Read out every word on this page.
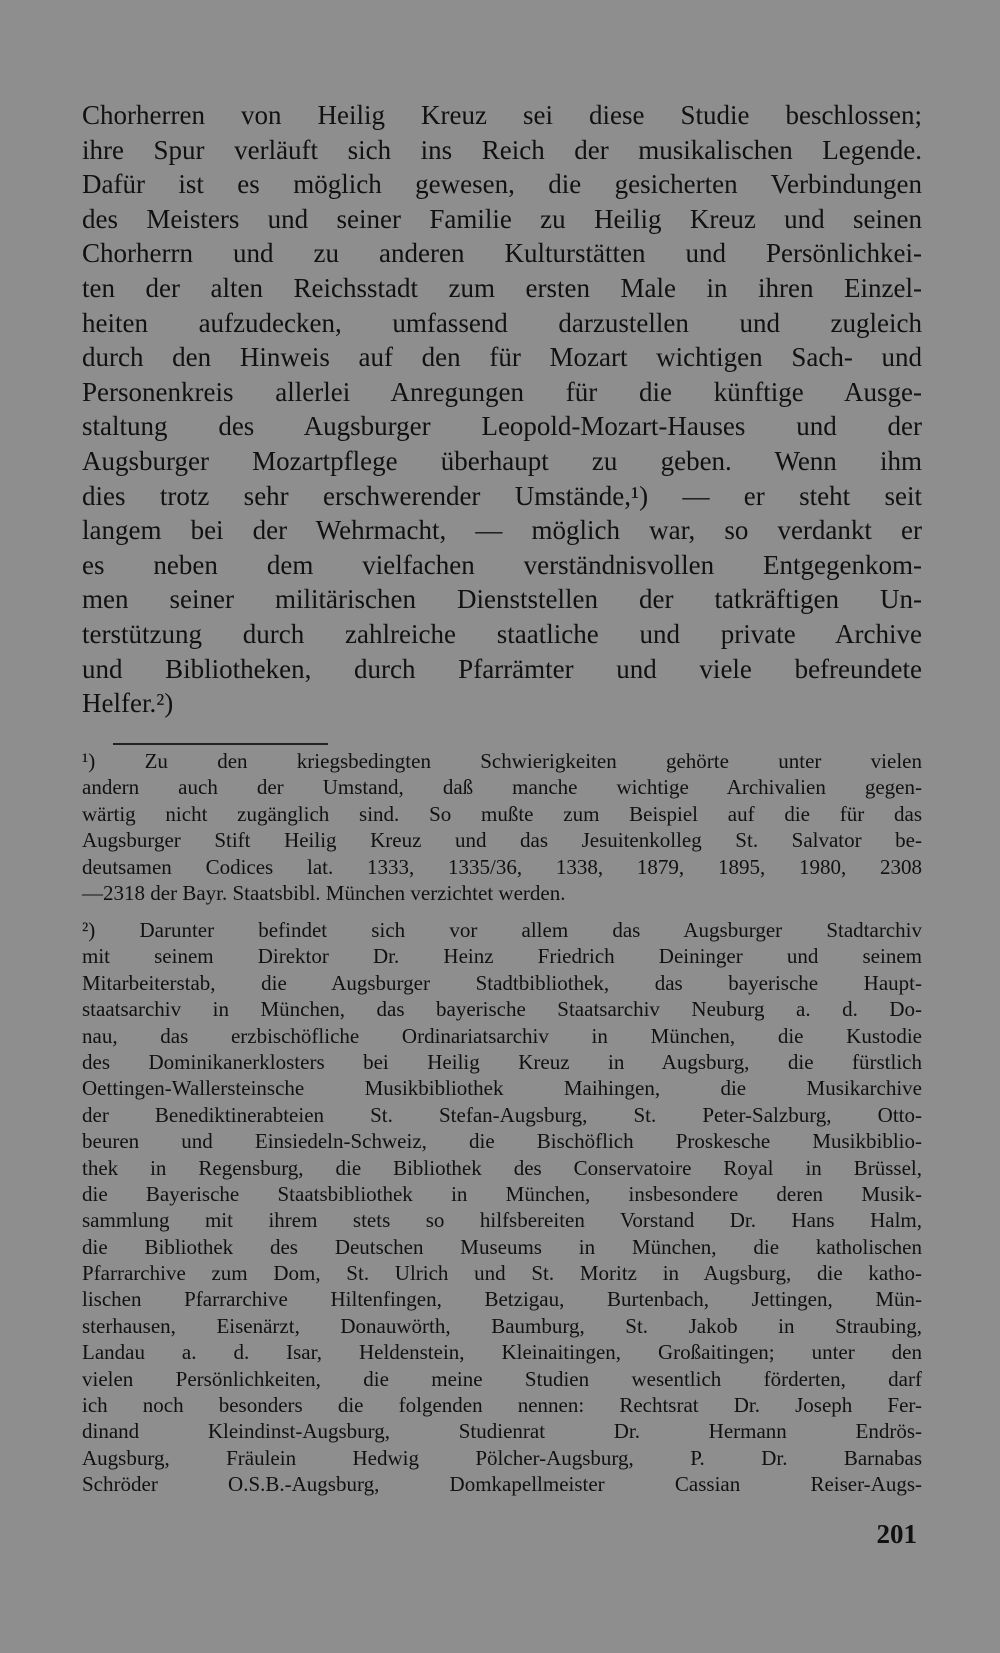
Chorherren von Heilig Kreuz sei diese Studie beschlossen;
ihre Spur verläuft sich ins Reich der musikalischen Legende.
Dafür ist es möglich gewesen, die gesicherten Verbindungen
des Meisters und seiner Familie zu Heilig Kreuz und seinen
Chorherrn und zu anderen Kulturstätten und Persönlichkei-
ten der alten Reichsstadt zum ersten Male in ihren Einzel-
heiten aufzudecken, umfassend darzustellen und zugleich
durch den Hinweis auf den für Mozart wichtigen Sach- und
Personenkreis allerlei Anregungen für die künftige Ausge-
staltung des Augsburger Leopold-Mozart-Hauses und der
Augsburger Mozartpflege überhaupt zu geben. Wenn ihm
dies trotz sehr erschwerender Umstände,¹) — er steht seit
langem bei der Wehrmacht, — möglich war, so verdankt er
es neben dem vielfachen verständnisvollen Entgegenkom-
men seiner militärischen Dienststellen der tatkräftigen Un-
terstützung durch zahlreiche staatliche und private Archive
und Bibliotheken, durch Pfarrämter und viele befreundete
Helfer.²)
¹) Zu den kriegsbedingten Schwierigkeiten gehörte unter vielen
andern auch der Umstand, daß manche wichtige Archivalien gegen-
wärtig nicht zugänglich sind. So mußte zum Beispiel auf die für das
Augsburger Stift Heilig Kreuz und das Jesuitenkolleg St. Salvator be-
deutsamen Codices lat. 1333, 1335/36, 1338, 1879, 1895, 1980, 2308
—2318 der Bayr. Staatsbibl. München verzichtet werden.
²) Darunter befindet sich vor allem das Augsburger Stadtarchiv
mit seinem Direktor Dr. Heinz Friedrich Deininger und seinem
Mitarbeiterstab, die Augsburger Stadtbibliothek, das bayerische Haupt-
staatsarchiv in München, das bayerische Staatsarchiv Neuburg a. d. Do-
nau, das erzbischöfliche Ordinariatsarchiv in München, die Kustodie
des Dominikanerklosters bei Heilig Kreuz in Augsburg, die fürstlich
Oettingen-Wallersteinsche Musikbibliothek Maihingen, die Musikarchive
der Benediktinerabteien St. Stefan-Augsburg, St. Peter-Salzburg, Otto-
beuren und Einsiedeln-Schweiz, die Bischöflich Proskesche Musikbiblio-
thek in Regensburg, die Bibliothek des Conservatoire Royal in Brüssel,
die Bayerische Staatsbibliothek in München, insbesondere deren Musik-
sammlung mit ihrem stets so hilfsbereiten Vorstand Dr. Hans Halm,
die Bibliothek des Deutschen Museums in München, die katholischen
Pfarrarchive zum Dom, St. Ulrich und St. Moritz in Augsburg, die katho-
lischen Pfarrarchive Hiltenfingen, Betzigau, Burtenbach, Jettingen, Mün-
sterhausen, Eisenärzt, Donauwörth, Baumburg, St. Jakob in Straubing,
Landau a. d. Isar, Heldenstein, Kleinaitingen, Großaitingen; unter den
vielen Persönlichkeiten, die meine Studien wesentlich förderten, darf
ich noch besonders die folgenden nennen: Rechtsrat Dr. Joseph Fer-
dinand Kleindinst-Augsburg, Studienrat Dr. Hermann Endrös-
Augsburg, Fräulein Hedwig Pölcher-Augsburg, P. Dr. Barnabas
Schröder O.S.B.-Augsburg, Domkapellmeister Cassian Reiser-Augs-
201
